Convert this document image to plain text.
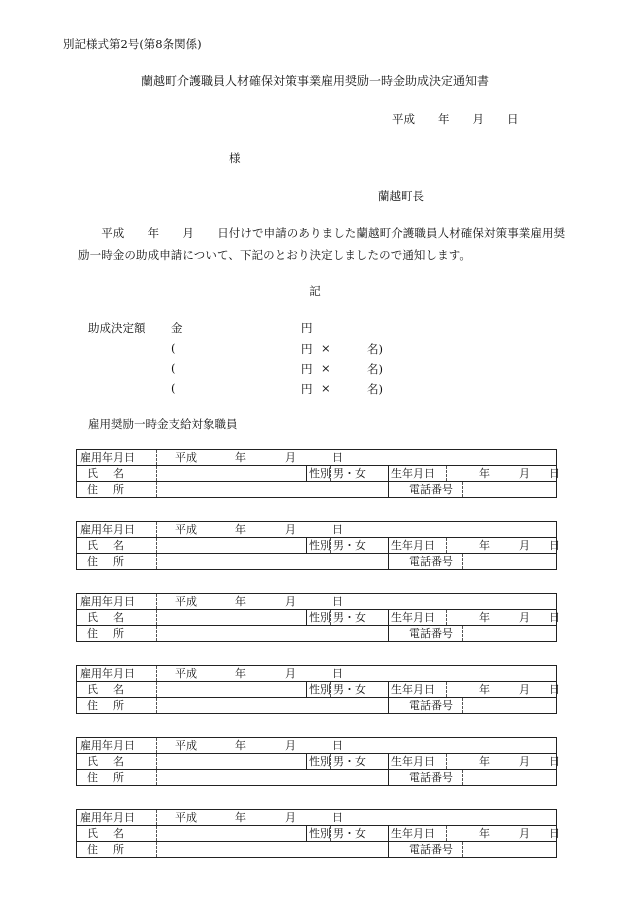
別記様式第2号(第8条関係)
蘭越町介護職員人材確保対策事業雇用奨励一時金助成決定通知書
平成　　年　　月　　日
様
蘭越町長
　　平成　　年　　月　　日付けで申請のありました蘭越町介護職員人材確保対策事業雇用奨励一時金の助成申請について、下記のとおり決定しましたので通知します。
記
助成決定額 金	円
(	円 ×	名)
(	円 ×	名)
(	円 ×	名)
雇用奨励一時金支給対象職員
雇用年月日	平成 年 月 日					

氏　名		性別	男・女	生年月日	年 月 日	

住　所				電話番号		
雇用年月日	平成 年 月 日					

氏　名		性別	男・女	生年月日	年 月 日	

住　所				電話番号		
雇用年月日	平成 年 月 日					

氏　名		性別	男・女	生年月日	年 月 日	

住　所				電話番号		
雇用年月日	平成 年 月 日					

氏　名		性別	男・女	生年月日	年 月 日	

住　所				電話番号		
雇用年月日	平成 年 月 日					

氏　名		性別	男・女	生年月日	年 月 日	

住　所				電話番号		
雇用年月日	平成 年 月 日					

氏　名		性別	男・女	生年月日	年 月 日	

住　所				電話番号		
